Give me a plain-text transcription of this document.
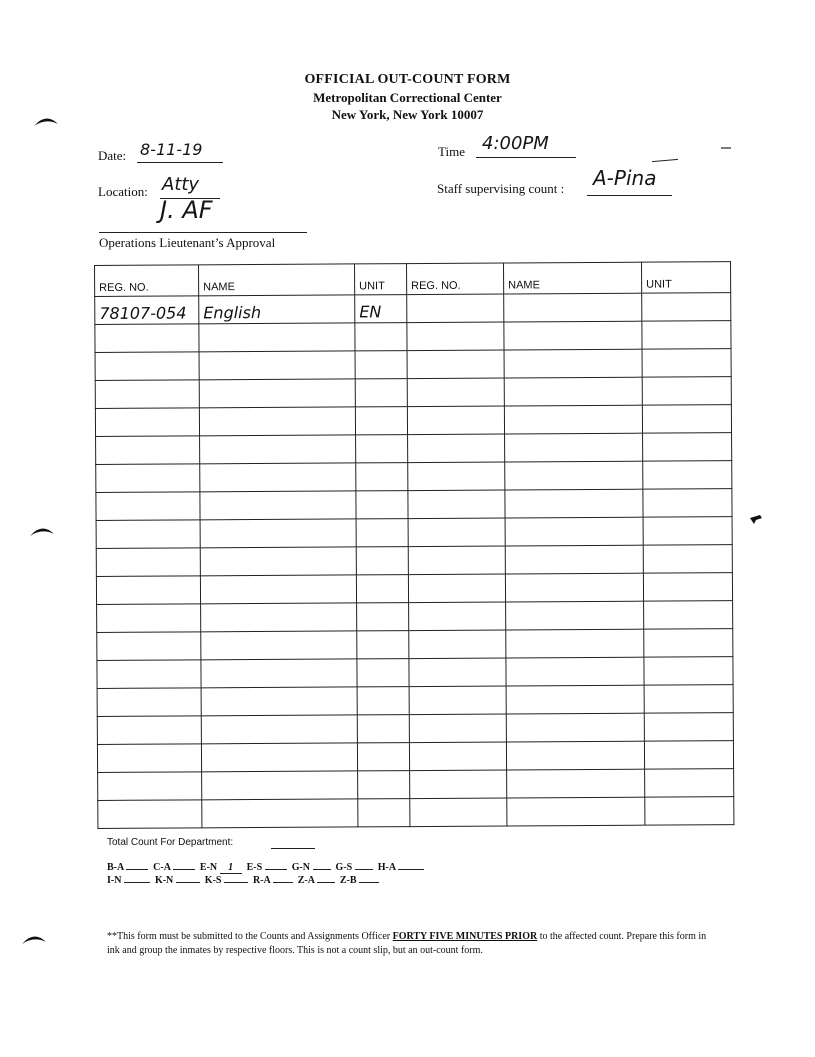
OFFICIAL OUT-COUNT FORM
Metropolitan Correctional Center
New York, New York 10007
Date: 8-11-19	Time 4:00PM
Location: Atty	Staff supervising count : A-Pina
J. AF
Operations Lieutenant’s Approval
REG. NO.	NAME	UNIT	REG. NO.	NAME	UNIT
78107-054	English	EN			

Total Count For Department:
B-A	C-A	E-N 1 E-S	G-N	G-S	H-A
I-N	K-N	K-S	R-A	Z-A	Z-B
**This form must be submitted to the Counts and Assignments Officer FORTY FIVE MINUTES PRIOR to the affected count. Prepare this form in ink and group the inmates by respective floors. This is not a count slip, but an out-count form.
